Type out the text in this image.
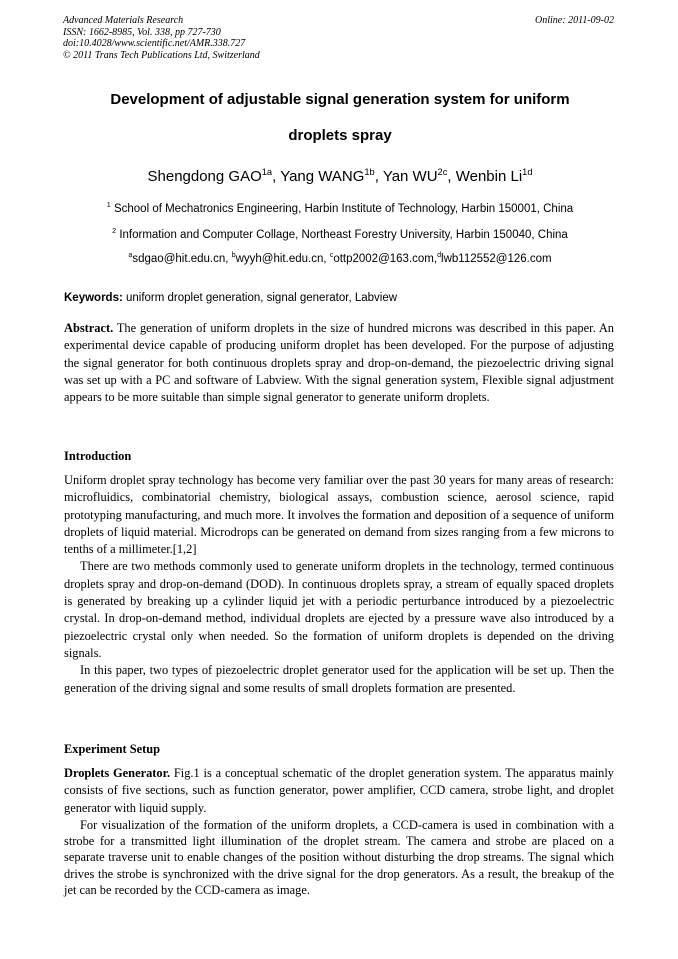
Advanced Materials Research
ISSN: 1662-8985, Vol. 338, pp 727-730
doi:10.4028/www.scientific.net/AMR.338.727
© 2011 Trans Tech Publications Ltd, Switzerland
Online: 2011-09-02
Development of adjustable signal generation system for uniform
droplets spray
Shengdong $GAO^{1a}$, Yang $WANG^{1b}$, Yan $WU^{2c}$, Wenbin $Li^{1d}$
$^1$ School of Mechatronics Engineering, Harbin Institute of Technology, Harbin 150001, China
$^2$ Information and Computer Collage, Northeast Forestry University, Harbin 150040, China
$^a$sdgao@hit.edu.cn, $^b$wyyh@hit.edu.cn, $^c$ottp2002@163.com,$^d$lwb112552@126.com
Keywords: uniform droplet generation, signal generator, Labview

Abstract. The generation of uniform droplets in the size of hundred microns was described in this paper. An experimental device capable of producing uniform droplet has been developed. For the purpose of adjusting the signal generator for both continuous droplets spray and drop-on-demand, the piezoelectric driving signal was set up with a PC and software of Labview. With the signal generation system, Flexible signal adjustment appears to be more suitable than simple signal generator to generate uniform droplets.

Introduction

Uniform droplet spray technology has become very familiar over the past 30 years for many areas of research: microfluidics, combinatorial chemistry, biological assays, combustion science, aerosol science, rapid prototyping manufacturing, and much more. It involves the formation and deposition of a sequence of uniform droplets of liquid material. Microdrops can be generated on demand from sizes ranging from a few microns to tenths of a millimeter.[1,2]

There are two methods commonly used to generate uniform droplets in the technology, termed continuous droplets spray and drop-on-demand (DOD). In continuous droplets spray, a stream of equally spaced droplets is generated by breaking up a cylinder liquid jet with a periodic perturbance introduced by a piezoelectric crystal. In drop-on-demand method, individual droplets are ejected by a pressure wave also introduced by a piezoelectric crystal only when needed. So the formation of uniform droplets is depended on the driving signals.

In this paper, two types of piezoelectric droplet generator used for the application will be set up. Then the generation of the driving signal and some results of small droplets formation are presented.

Experiment Setup

Droplets Generator. Fig.1 is a conceptual schematic of the droplet generation system. The apparatus mainly consists of five sections, such as function generator, power amplifier, CCD camera, strobe light, and droplet generator with liquid supply.

For visualization of the formation of the uniform droplets, a CCD-camera is used in combination with a strobe for a transmitted light illumination of the droplet stream. The camera and strobe are placed on a separate traverse unit to enable changes of the position without disturbing the drop streams. The signal which drives the strobe is synchronized with the drive signal for the drop generators. As a result, the breakup of the jet can be recorded by the CCD-camera as image.
